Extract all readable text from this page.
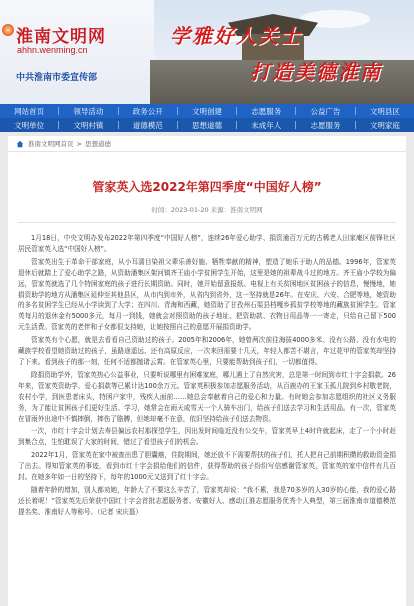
淮南文明网
ahhn.wenming.cn
中共淮南市委宣传部
学雅好人关士
打造美德淮南
网站首页	领导活动	政务公开	文明创建	志愿服务	公益广告	文明县区
文明单位	文明村镇	道德模范	思想道德	未成年人	志愿服务	文明家庭
淮南文明网首页 > 思想道德
管家英入选2022年第四季度“中国好人榜”
时间：2023-01-20 来源：淮南文明网

1月18日，中央文明办发布2022年第四季度“中国好人榜”，连续26年爱心助学、捐资逾百万元的古稀老人田家庵区前锋社区居民管家英入选“中国好人榜”。

管家英出生于革命干部家庭，从小耳濡目染祖父辈乐善好施、牺牲奉献的精神，塑造了她乐于助人的品德。1996年，管家英退休后就踏上了爱心助学之路，从资助潘集区架河镇齐王庙小学贫困学生开始，这里是她的祖辈战斗过的地方。齐王庙小学较为偏远，管家英就选了几个特困家庭的孩子进行长期资助。同时，她开始留意报纸、电视上有关贫困地区贫困孩子的信息，慢慢地，她捐资助学的地方从潘集区延伸至其他县区，从市内到市外，从省内到省外，这一坚持就是26年。在安庆、六安、合肥等地，她资助的多名贫困学生已经从小学读到了大学；在四川、青海和西藏，她资助了甘孜州石渠县档嘎乡孤贫学校等地的藏族贫困学生。管家英每月的退休金有5000多元，每月一到钱，她就会对照资助的孩子地址、把资助款、衣物日用品等一一寄走，只给自己留下500元生活费。管家英的老伴和子女都很支持她，让她按照自己的意愿开展捐资助学。

管家英有个心愿，就是去看看自己资助过的孩子。2005年和2006年，她曾两次前往海拔4000多米、没有公路、没有水电的藏族学校看望她资助过的孩子，虽路途遥远、还有高原反应，一次来回需要十几天，年轻人都苦不堪言，年过花甲的管家英却坚持了下来。看到孩子的那一刻，任何不适都抛诸云霄。在管家英心里，只要能帮助到孩子们，一切都值得。

除捐资助学外，管家英热心公益事业，只要听说哪里有困难家庭，哪儿遇上了自然灾害，总是第一时间到市红十字会捐款。26年来，管家英资助学、爱心捐款等已累计达100余万元。管家英积极参加志愿服务活动，从百鹿办的王家玉孤儿院到乡村敬老院，农村小学，到医患者床头，特困户家中，残疾人面前……她总会奉献着自己的爱心和力量。有时她会参加志愿组织的社区义务服务，为了能让贫困孩子们更好生活、学习，她常会在雨天或雪天一个人骑车出门，给孩子们送去学习和生活用品。有一次，管家英在冒雨外出途中不慎摔倒，摔伤了胳膊，但她却毫不在意，依旧坚持给孩子们送去物资。

一次，市红十字会计划去寿县偏远农村那探望学生，因出发时间临近没有公交车，管家英早上4时许就起床，走了一个小时赶到集合点，生怕耽误了大家的时间，错过了看望孩子们的机会。

2022年1月，管家英在家中被查出患了胆囊癌，住院期间，她还放不下需要帮扶的孩子们，托人把自己前期积攒的救助资金捐了出去。得知管家英的事迹，看到市红十字会捐给他们的信件，获得帮助的孩子纷纷写信感谢管家英，管家英的家中信件有几百封。在她多年如一日的坚持下，每年的1000元又送到了红十字会。

随着年龄的增加，别人都劝她，年龄大了不要这么辛苦了，管家英却说：“我不累，我是70多岁的人30岁的心能，我的爱心路还长着呢！”管家英先后荣获中国红十字会首批志愿服务者、安徽好人、感动江淮志愿服务优秀个人典型，第三届淮南市道德模范提名奖、淮南好人等称号。（记者 宋庆磊）
